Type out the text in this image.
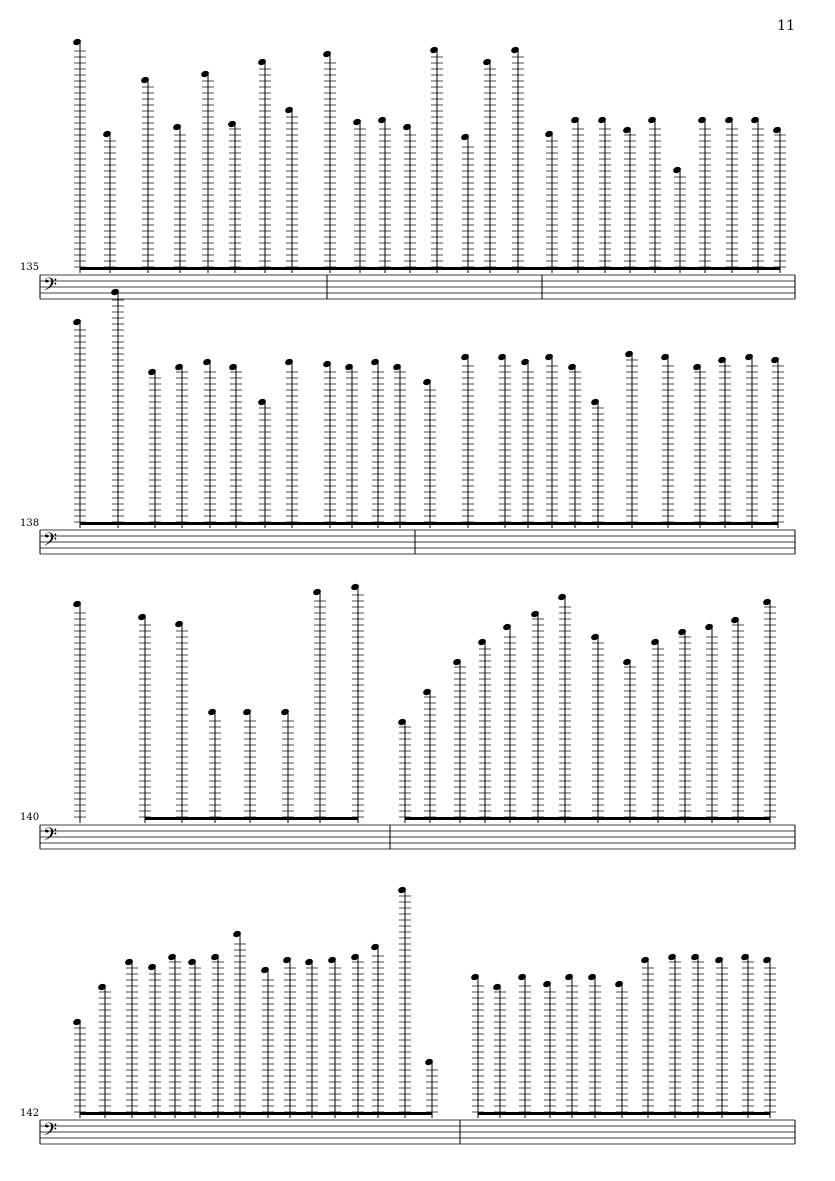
11
𝄢
𝄢
𝄢
𝄢
135
138
140
142
